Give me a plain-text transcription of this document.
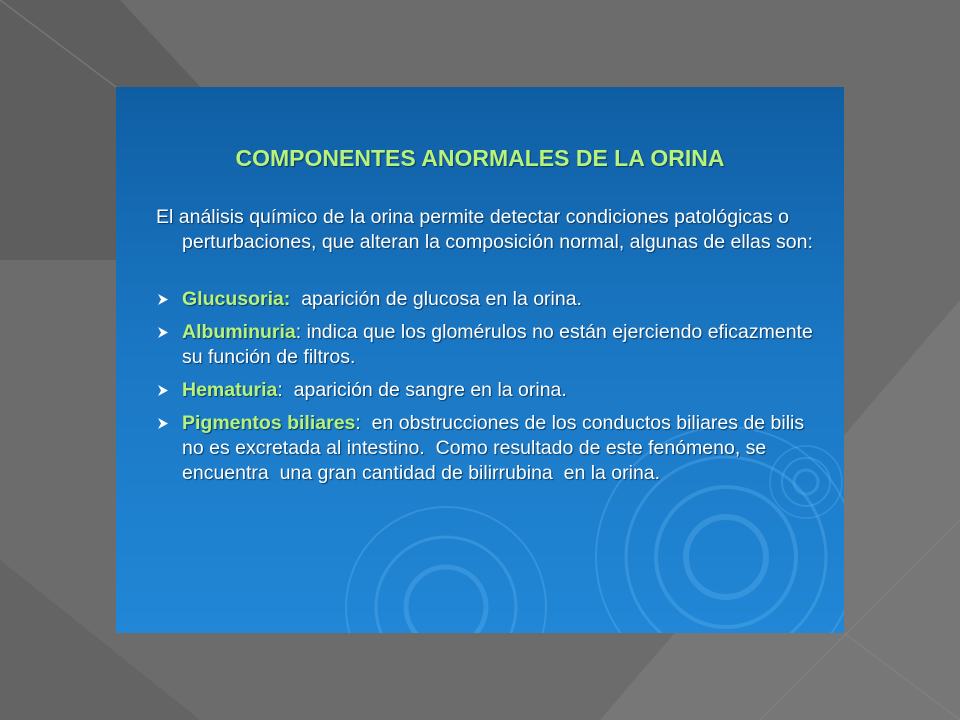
COMPONENTES ANORMALES DE LA ORINA
El análisis químico de la orina permite detectar condiciones patológicas o perturbaciones, que alteran la composición normal, algunas de ellas son:
Glucusoria:  aparición de glucosa en la orina.
Albuminuria: indica que los glomérulos no están ejerciendo eficazmente su función de filtros.
Hematuria:  aparición de sangre en la orina.
Pigmentos biliares:  en obstrucciones de los conductos biliares de bilis no es excretada al intestino.  Como resultado de este fenómeno, se encuentra  una gran cantidad de bilirrubina  en la orina.
